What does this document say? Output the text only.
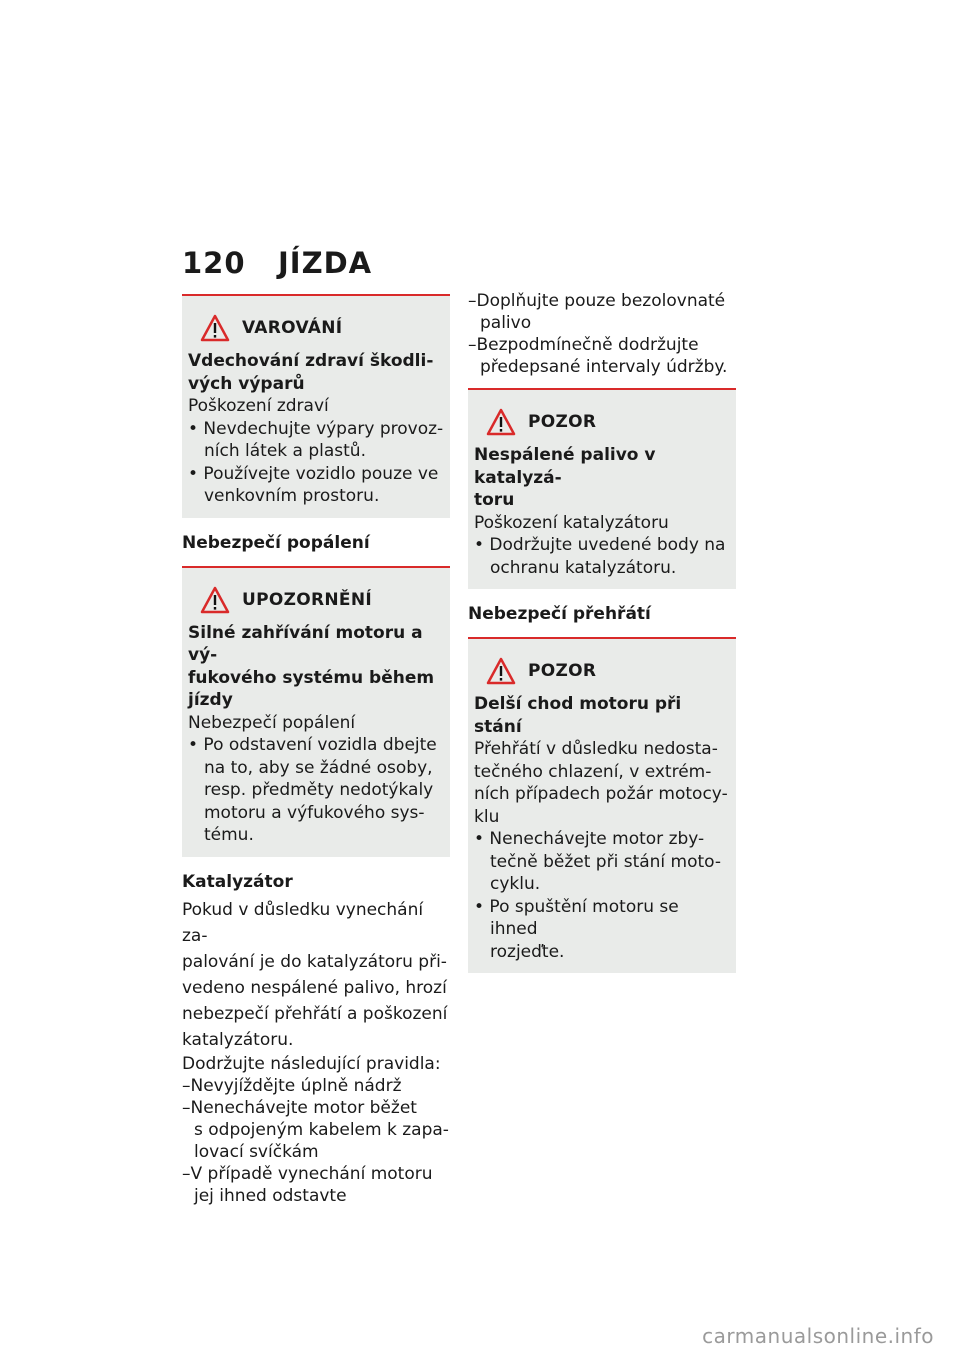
120 JÍZDA
VAROVÁNÍ
Vdechování zdraví škodli-
vých výparů
Poškození zdraví
• Nevdechujte výpary provoz-
ních látek a plastů.
• Používejte vozidlo pouze ve
venkovním prostoru.
Nebezpečí popálení
UPOZORNĚNÍ
Silné zahřívání motoru a vý-
fukového systému během
jízdy
Nebezpečí popálení
• Po odstavení vozidla dbejte
na to, aby se žádné osoby,
resp. předměty nedotýkaly
motoru a výfukového sys-
tému.
Katalyzátor
Pokud v důsledku vynechání za-
palování je do katalyzátoru při-
vedeno nespálené palivo, hrozí
nebezpečí přehřátí a poškození
katalyzátoru.
Dodržujte následující pravidla:
–Nevyjíždějte úplně nádrž
–Nenechávejte motor běžet
s odpojeným kabelem k zapa-
lovací svíčkám
–V případě vynechání motoru
jej ihned odstavte
–Doplňujte pouze bezolovnaté
palivo
–Bezpodmínečně dodržujte
předepsané intervaly údržby.
POZOR
Nespálené palivo v katalyzá-
toru
Poškození katalyzátoru
• Dodržujte uvedené body na
ochranu katalyzátoru.
Nebezpečí přehřátí
POZOR
Delší chod motoru při stání
Přehřátí v důsledku nedosta-
tečného chlazení, v extrém-
ních případech požár motocy-
klu
• Nenechávejte motor zby-
tečně běžet při stání moto-
cyklu.
• Po spuštění motoru se ihned
rozjeďte.
carmanualsonline.info
